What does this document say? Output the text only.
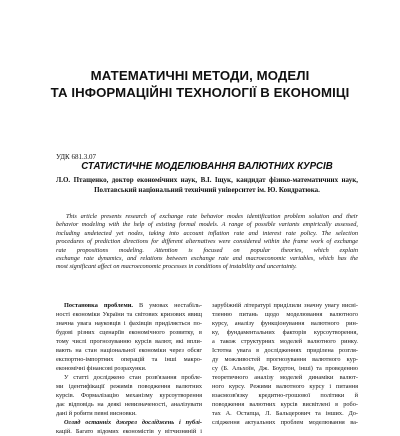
МАТЕМАТИЧНІ МЕТОДИ, МОДЕЛІ
ТА ІНФОРМАЦІЙНІ ТЕХНОЛОГІЇ В ЕКОНОМІЦІ
УДК 681.3.07
СТАТИСТИЧНЕ МОДЕЛЮВАННЯ ВАЛЮТНИХ КУРСІВ
Л.О. Птащенко, доктор економічних наук, В.І. Іщук, кандидат фізико-математичних наук,
Полтавський національний технічний університет ім. Ю. Кондратюка.
This article presents research of exchange rate behavior modes identification problem solution and their
behavior modeling with the help of existing formal models. A range of possible variants empirically assessed,
including undetected yet nodes, taking into account inflation rate and interest rate policy. The selection
procedures of prediction directions for different alternatives were considered within the frame work of exchange
rate propositions modeling. Attention is focused on popular theories, which explain
exchange rate dynamics, and relations between exchange rate and macroeconomic variables, which has the
most significant affect on macroeconomic processes in conditions of instability and uncertainty.
Постановка проблеми. В умовах нестабіль-
ності економіки України та світових кризових явищ
значна увага науковців і фахівців приділяється по-
будові різних сценаріїв економічного розвитку, в
тому числі прогнозуванню курсів валют, які впли-
вають на стан національної економіки через обсяг
експортно-імпортних операцій та інші макро-
економічні фінансові розрахунки.
У статті досліджено стан розв'язання пробле-
ми ідентифікації режимів поводження валютних
курсів. Формалізацію механізму курсоутворення
дає відповідь на деякі невизначеності, аналізувати
дані й робити певні висновки.
Огляд останніх джерел досліджень і публі-
кацій. Багато відомих економістів у вітчизняній і
зарубіжній літературі приділили значну увагу висві-
тленню питань щодо моделювання валютного
курсу, аналізу функціонування валютного рин-
ку, фундаментальних факторів курсоутворення,
а також структурних моделей валютного ринку.
Істотна увага в дослідженнях приділена розгля-
ду можливостей прогнозування валютного кур-
су (Б. Альхоїн, Дж. Боудтон, інші) та проведенню
теоретичного аналізу моделей динаміки валют-
ного курсу. Режими валютного курсу і питання
взаємозв'язку кредитно-грошової політики й
поводження валютних курсів висвітлені в робо-
тах А. Остапца, Л. Бальцерович та інших. До-
слідження актуальних проблем моделювання ва-
